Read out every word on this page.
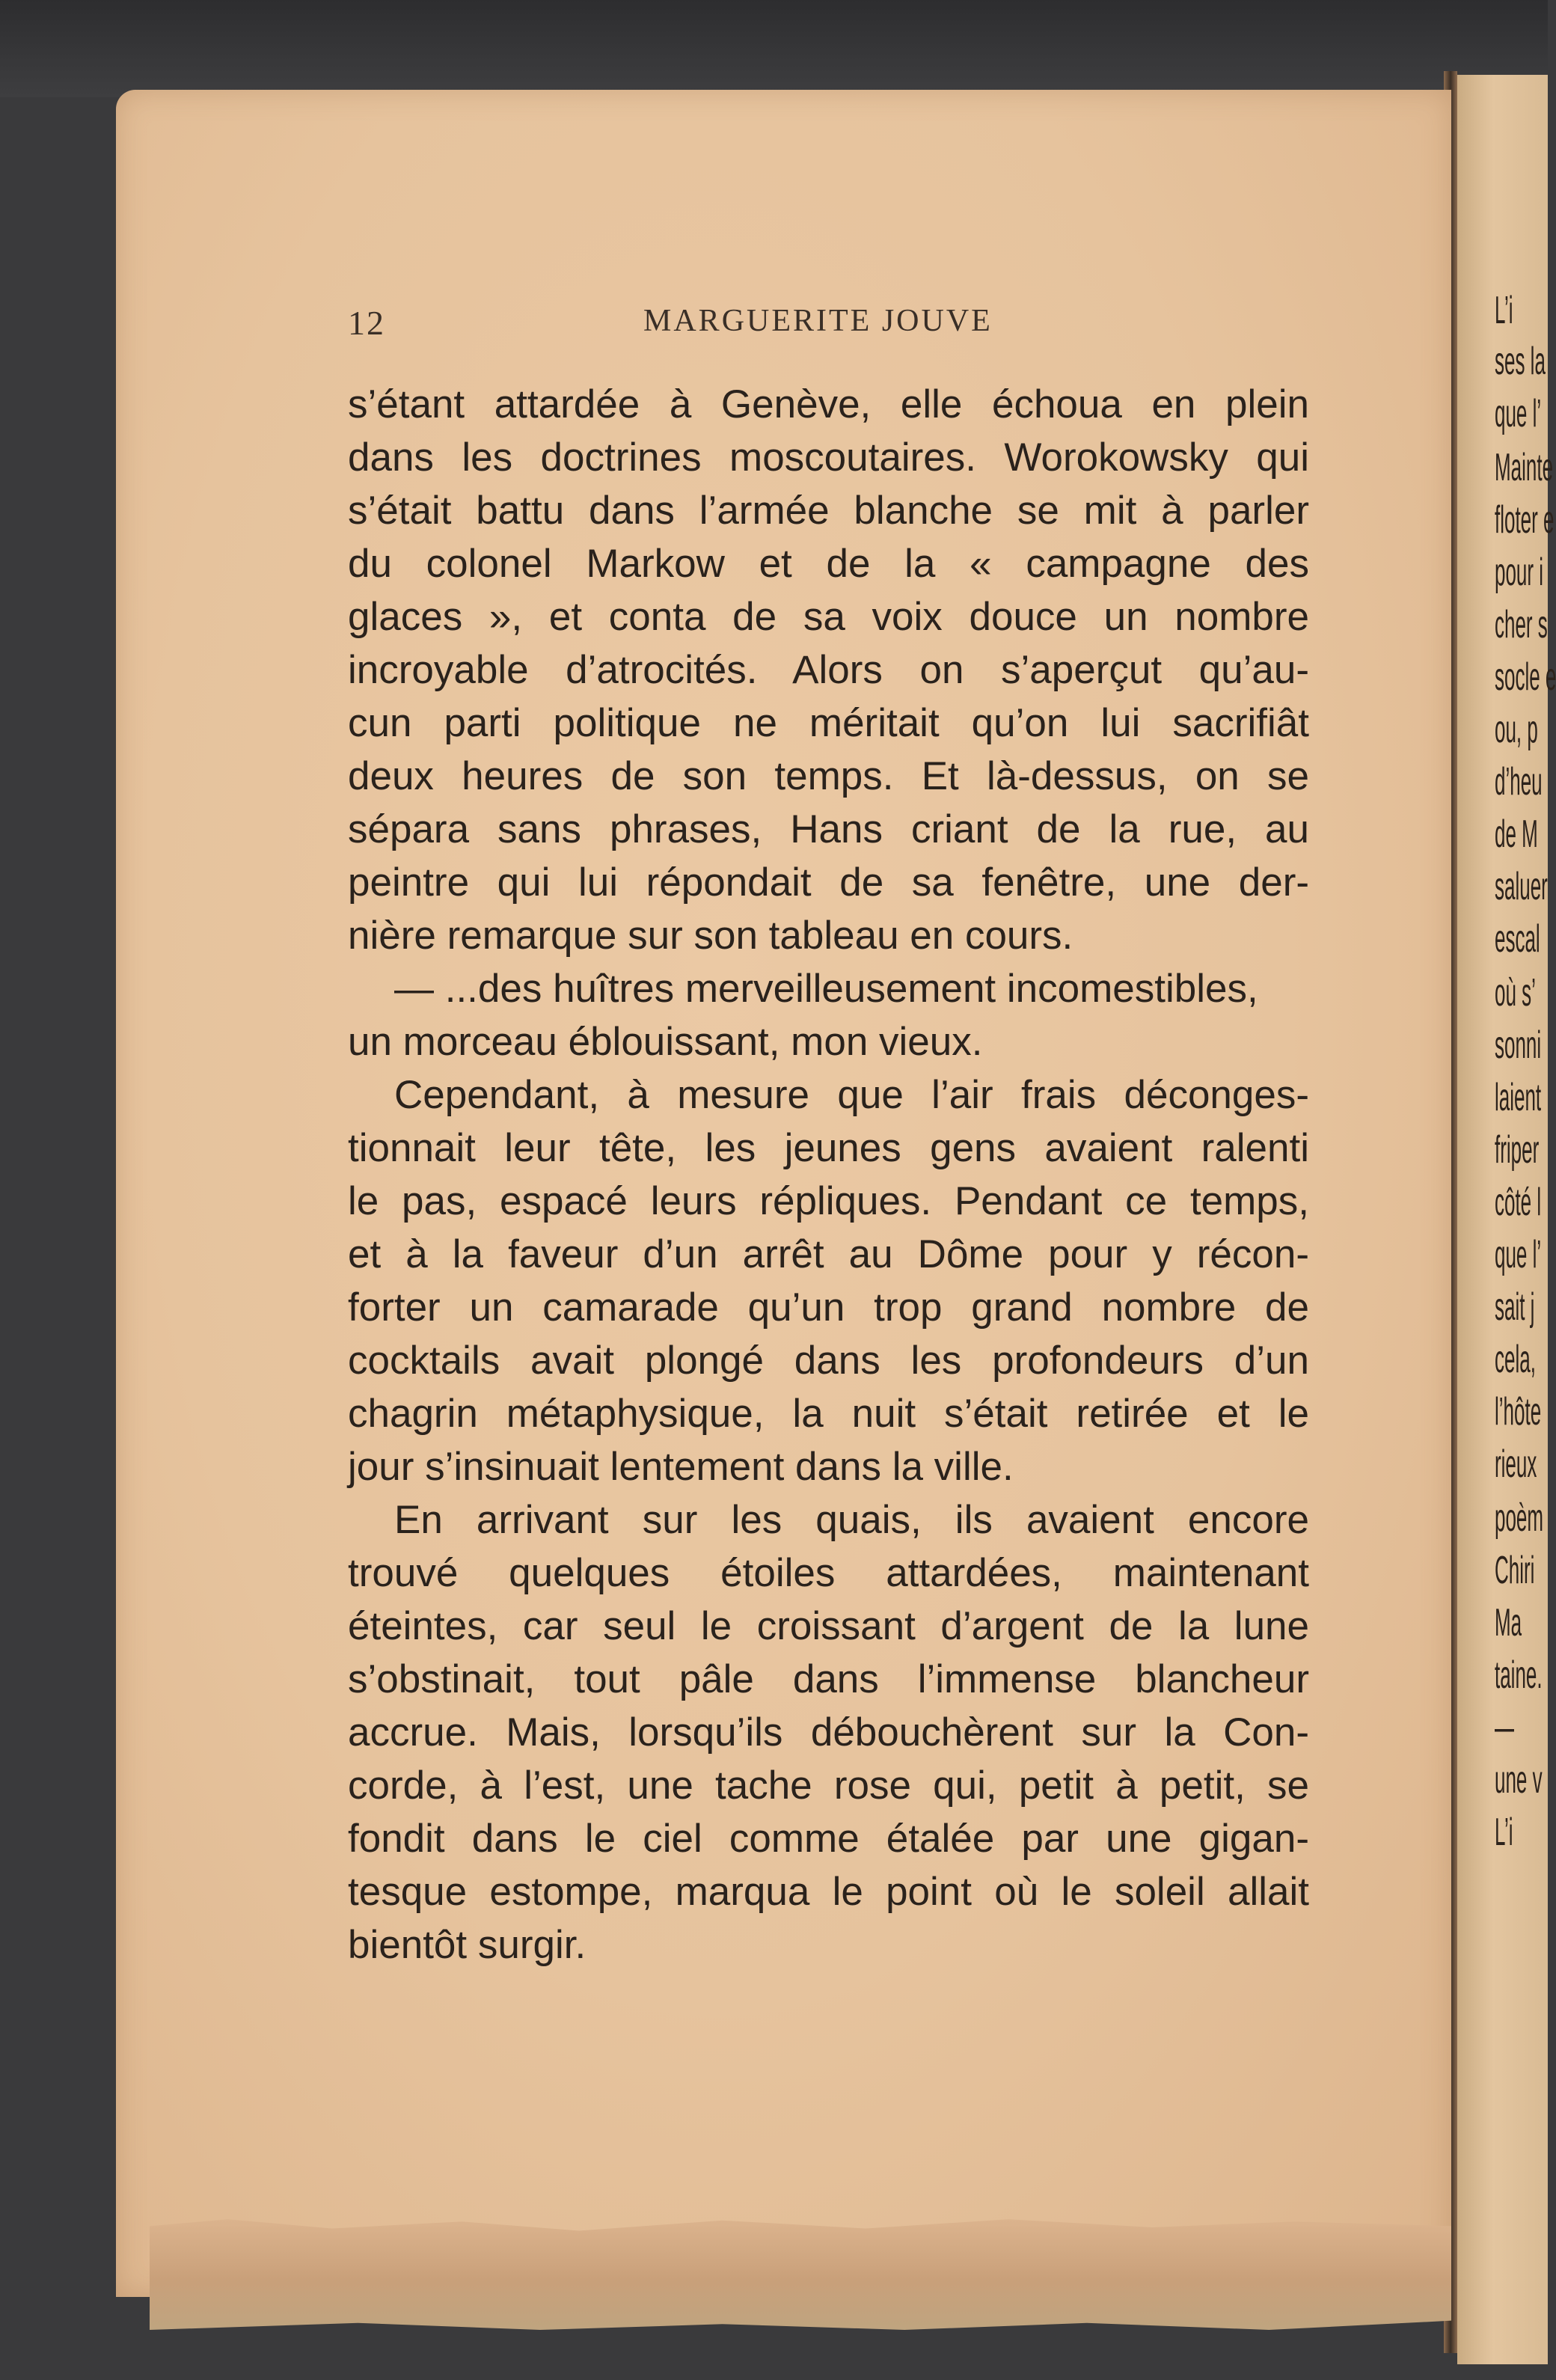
L’i
ses la
que l’
Mainte
floter e
pour i
cher s
socle e
ou, p
d’heu
de M
saluer
escal
où s’
sonni
laient
friper
côté l
que l’
sait j
cela,
l’hôte
rieux
poèm
Chiri
Ma
taine.
—
une v
L’i
12	MARGUERITE JOUVE
s’étant attardée à Genève, elle échoua en plein
dans les doctrines moscoutaires. Worokowsky qui
s’était battu dans l’armée blanche se mit à parler
du colonel Markow et de la « campagne des
glaces », et conta de sa voix douce un nombre
incroyable d’atrocités. Alors on s’aperçut qu’au-
cun parti politique ne méritait qu’on lui sacrifiât
deux heures de son temps. Et là-dessus, on se
sépara sans phrases, Hans criant de la rue, au
peintre qui lui répondait de sa fenêtre, une der-
nière remarque sur son tableau en cours.
— ...des huîtres merveilleusement incomestibles,
un morceau éblouissant, mon vieux.
Cependant, à mesure que l’air frais déconges-
tionnait leur tête, les jeunes gens avaient ralenti
le pas, espacé leurs répliques. Pendant ce temps,
et à la faveur d’un arrêt au Dôme pour y récon-
forter un camarade qu’un trop grand nombre de
cocktails avait plongé dans les profondeurs d’un
chagrin métaphysique, la nuit s’était retirée et le
jour s’insinuait lentement dans la ville.
En arrivant sur les quais, ils avaient encore
trouvé quelques étoiles attardées, maintenant
éteintes, car seul le croissant d’argent de la lune
s’obstinait, tout pâle dans l’immense blancheur
accrue. Mais, lorsqu’ils débouchèrent sur la Con-
corde, à l’est, une tache rose qui, petit à petit, se
fondit dans le ciel comme étalée par une gigan-
tesque estompe, marqua le point où le soleil allait
bientôt surgir.
